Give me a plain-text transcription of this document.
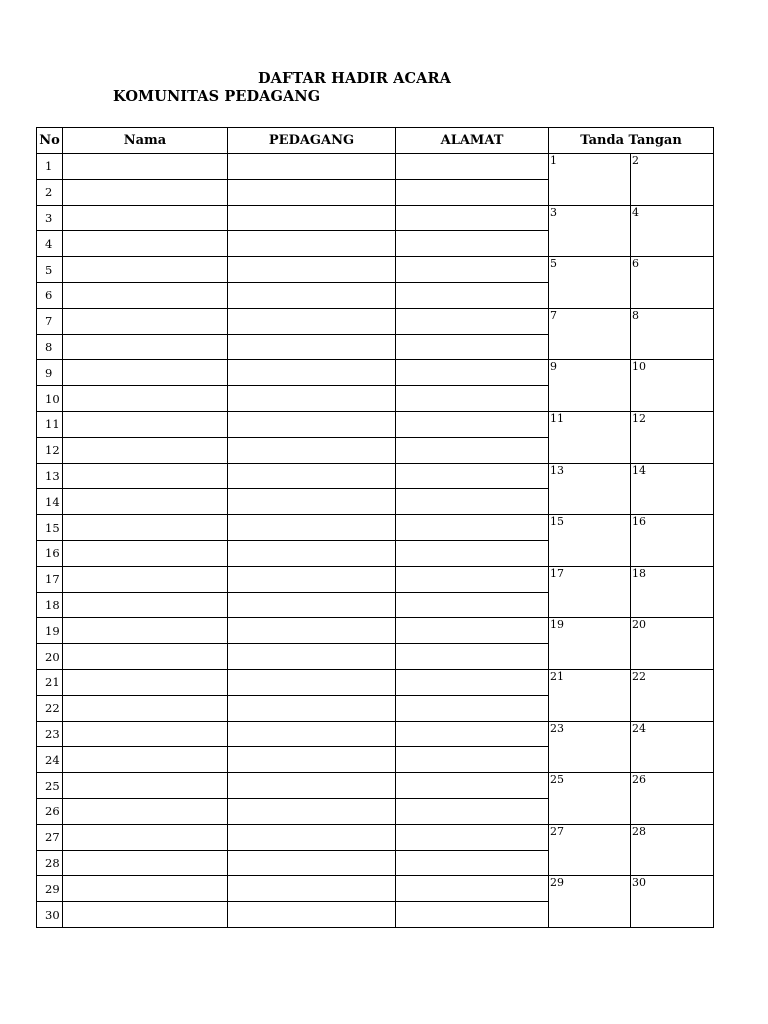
DAFTAR HADIR ACARA
KOMUNITAS PEDAGANG
No	Nama	PEDAGANG	ALAMAT	Tanda Tangan	
1				1	2
2					
3				3	4
4					
5				5	6
6					
7				7	8
8					
9				9	10
10					
11				11	12
12					
13				13	14
14					
15				15	16
16					
17				17	18
18					
19				19	20
20					
21				21	22
22					
23				23	24
24					
25				25	26
26					
27				27	28
28					
29				29	30
30					
